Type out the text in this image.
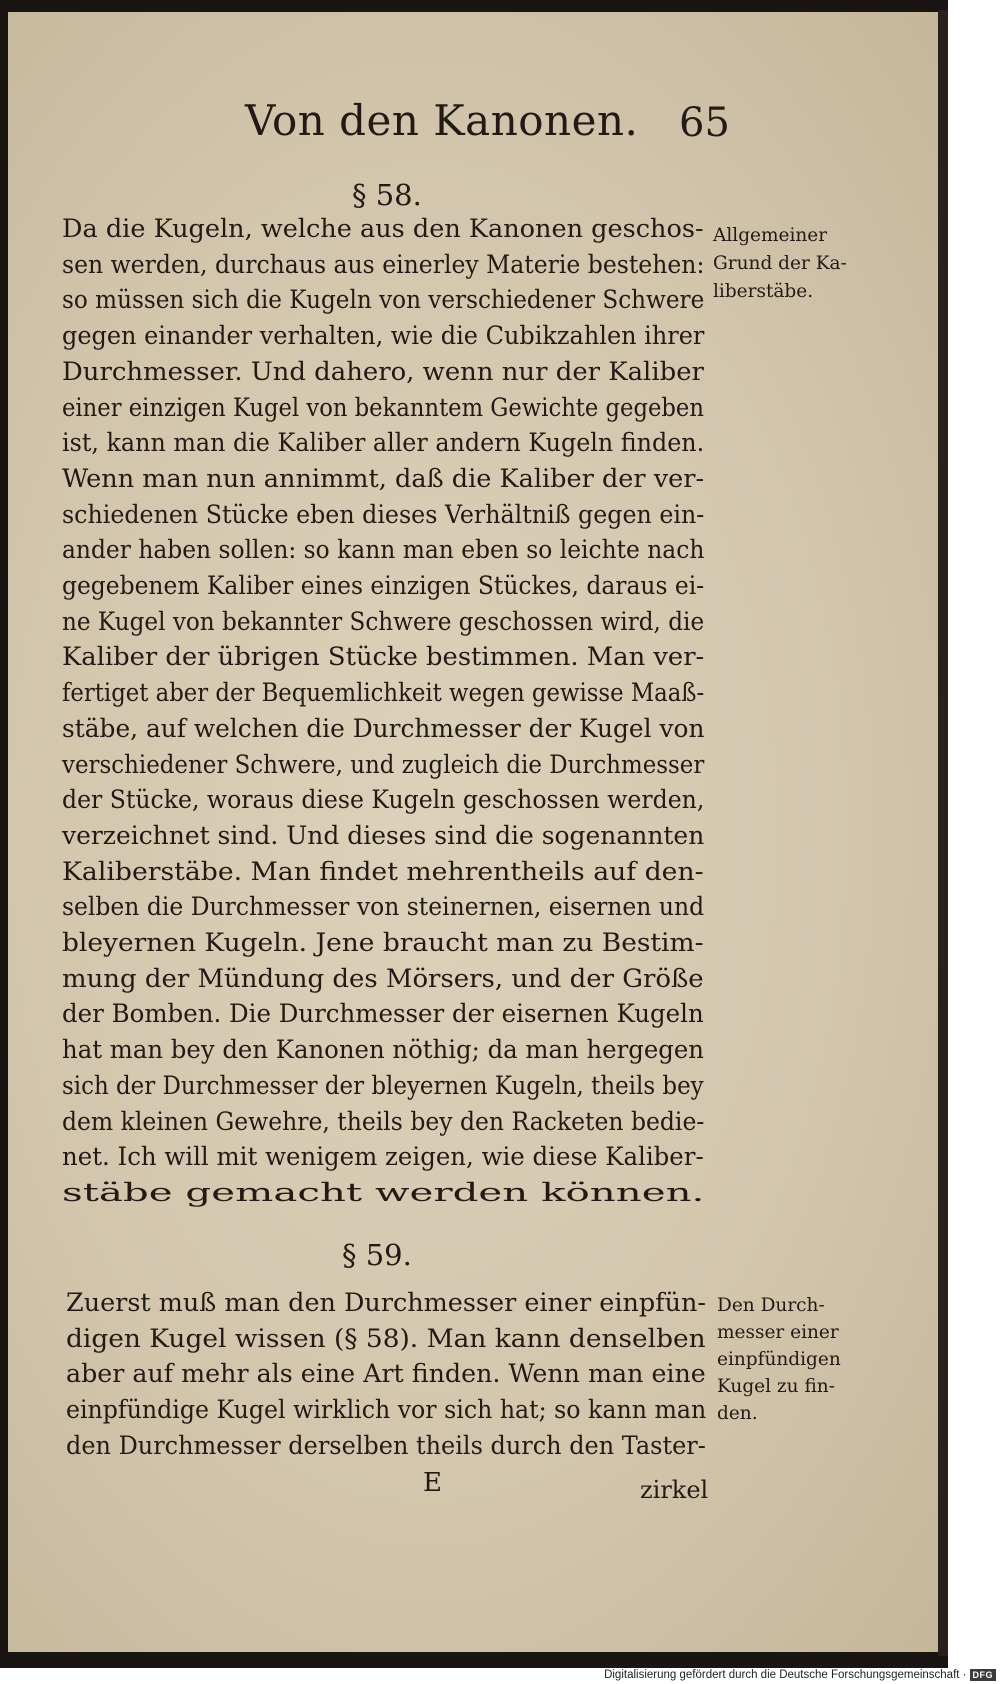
Von den Kanonen. 65
§ 58.
Da die Kugeln, welche aus den Kanonen geschos-
sen werden, durchaus aus einerley Materie bestehen:
so müssen sich die Kugeln von verschiedener Schwere
gegen einander verhalten, wie die Cubikzahlen ihrer
Durchmesser. Und dahero, wenn nur der Kaliber
einer einzigen Kugel von bekanntem Gewichte gegeben
ist, kann man die Kaliber aller andern Kugeln finden.
Wenn man nun annimmt, daß die Kaliber der ver-
schiedenen Stücke eben dieses Verhältniß gegen ein-
ander haben sollen: so kann man eben so leichte nach
gegebenem Kaliber eines einzigen Stückes, daraus ei-
ne Kugel von bekannter Schwere geschossen wird, die
Kaliber der übrigen Stücke bestimmen. Man ver-
fertiget aber der Bequemlichkeit wegen gewisse Maaß-
stäbe, auf welchen die Durchmesser der Kugel von
verschiedener Schwere, und zugleich die Durchmesser
der Stücke, woraus diese Kugeln geschossen werden,
verzeichnet sind. Und dieses sind die sogenannten
Kaliberstäbe. Man findet mehrentheils auf den-
selben die Durchmesser von steinernen, eisernen und
bleyernen Kugeln. Jene braucht man zu Bestim-
mung der Mündung des Mörsers, und der Größe
der Bomben. Die Durchmesser der eisernen Kugeln
hat man bey den Kanonen nöthig; da man hergegen
sich der Durchmesser der bleyernen Kugeln, theils bey
dem kleinen Gewehre, theils bey den Racketen bedie-
net. Ich will mit wenigem zeigen, wie diese Kaliber-
stäbe gemacht werden können.
Allgemeiner
Grund der Ka-
liberstäbe.
§ 59.
Zuerst muß man den Durchmesser einer einpfün-
digen Kugel wissen (§ 58). Man kann denselben
aber auf mehr als eine Art finden. Wenn man eine
einpfündige Kugel wirklich vor sich hat; so kann man
den Durchmesser derselben theils durch den Taster-
Den Durch-
messer einer
einpfündigen
Kugel zu fin-
den.
E	zirkel
Digitalisierung gefördert durch die Deutsche Forschungsgemeinschaft · DFG
